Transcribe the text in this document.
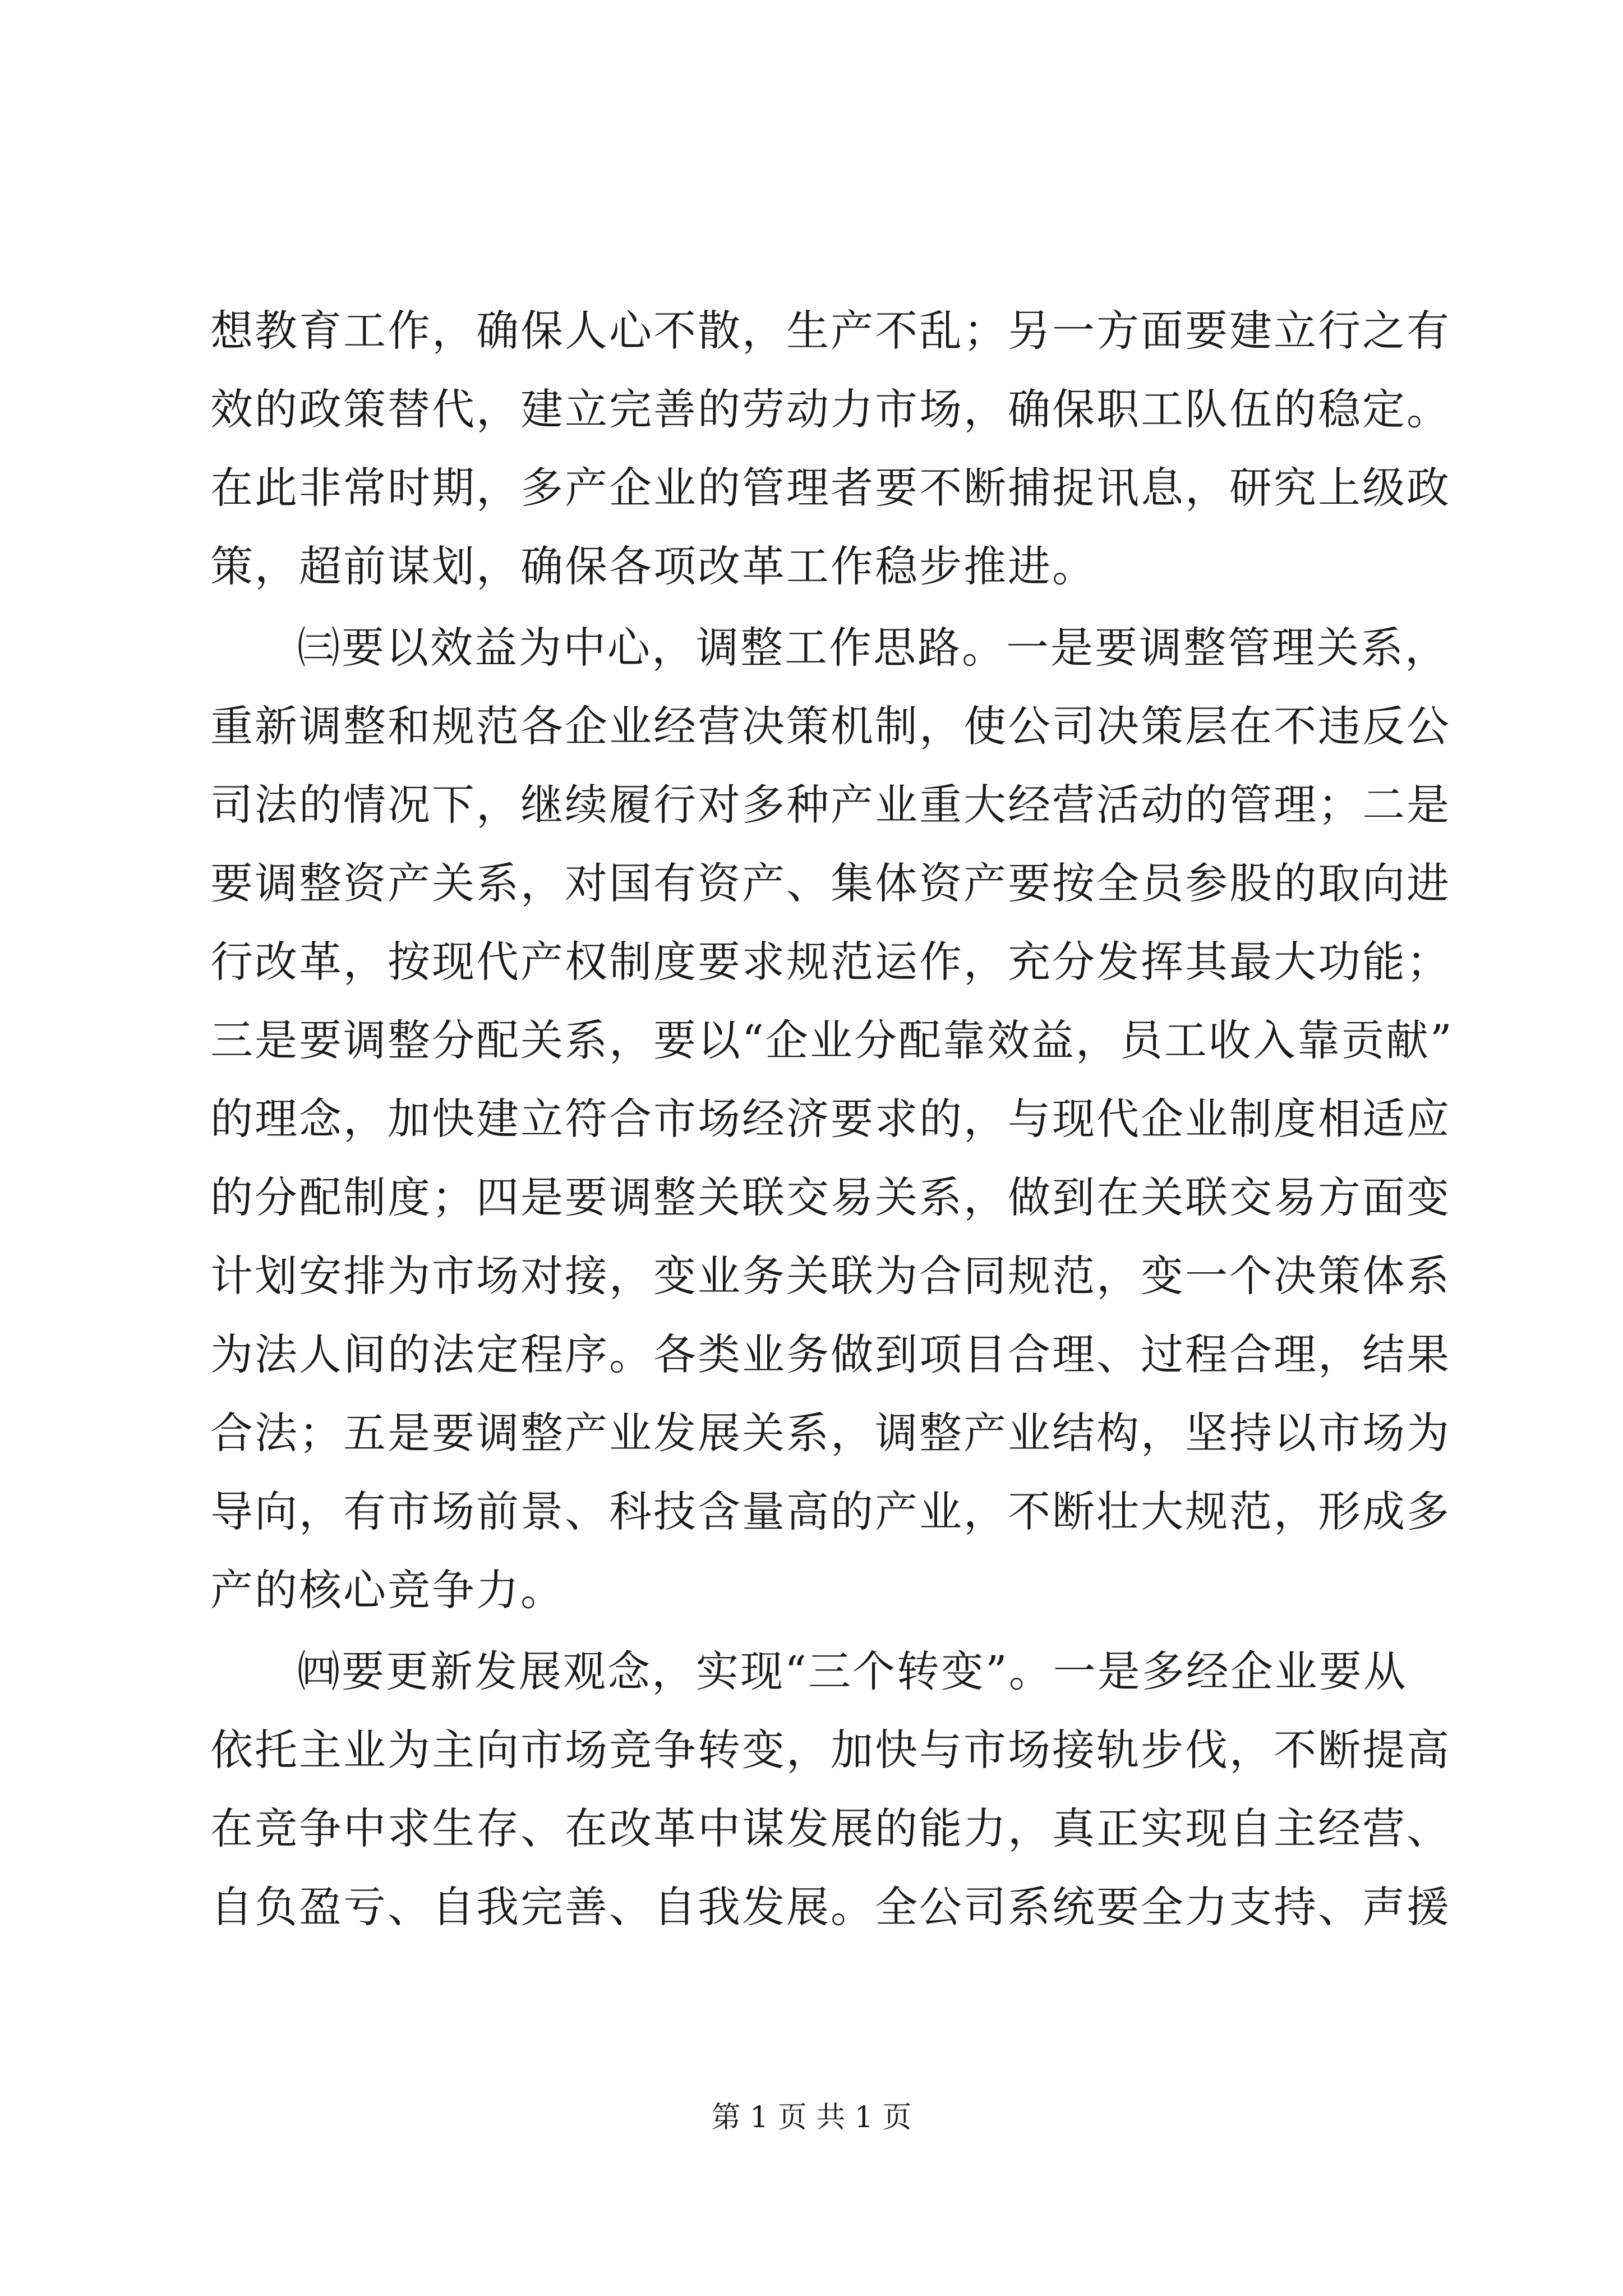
想教育工作，确保人心不散，生产不乱；另一方面要建立行之有
效的政策替代，建立完善的劳动力市场，确保职工队伍的稳定。
在此非常时期，多产企业的管理者要不断捕捉讯息，研究上级政
策，超前谋划，确保各项改革工作稳步推进。
㈢要以效益为中心，调整工作思路。一是要调整管理关系，
重新调整和规范各企业经营决策机制，使公司决策层在不违反公
司法的情况下，继续履行对多种产业重大经营活动的管理；二是
要调整资产关系，对国有资产、集体资产要按全员参股的取向进
行改革，按现代产权制度要求规范运作，充分发挥其最大功能；
三是要调整分配关系，要以“企业分配靠效益，员工收入靠贡献”
的理念，加快建立符合市场经济要求的，与现代企业制度相适应
的分配制度；四是要调整关联交易关系，做到在关联交易方面变
计划安排为市场对接，变业务关联为合同规范，变一个决策体系
为法人间的法定程序。各类业务做到项目合理、过程合理，结果
合法；五是要调整产业发展关系，调整产业结构，坚持以市场为
导向，有市场前景、科技含量高的产业，不断壮大规范，形成多
产的核心竞争力。
㈣要更新发展观念，实现“三个转变”。一是多经企业要从
依托主业为主向市场竞争转变，加快与市场接轨步伐，不断提高
在竞争中求生存、在改革中谋发展的能力，真正实现自主经营、
自负盈亏、自我完善、自我发展。全公司系统要全力支持、声援
第 1 页 共 1 页
